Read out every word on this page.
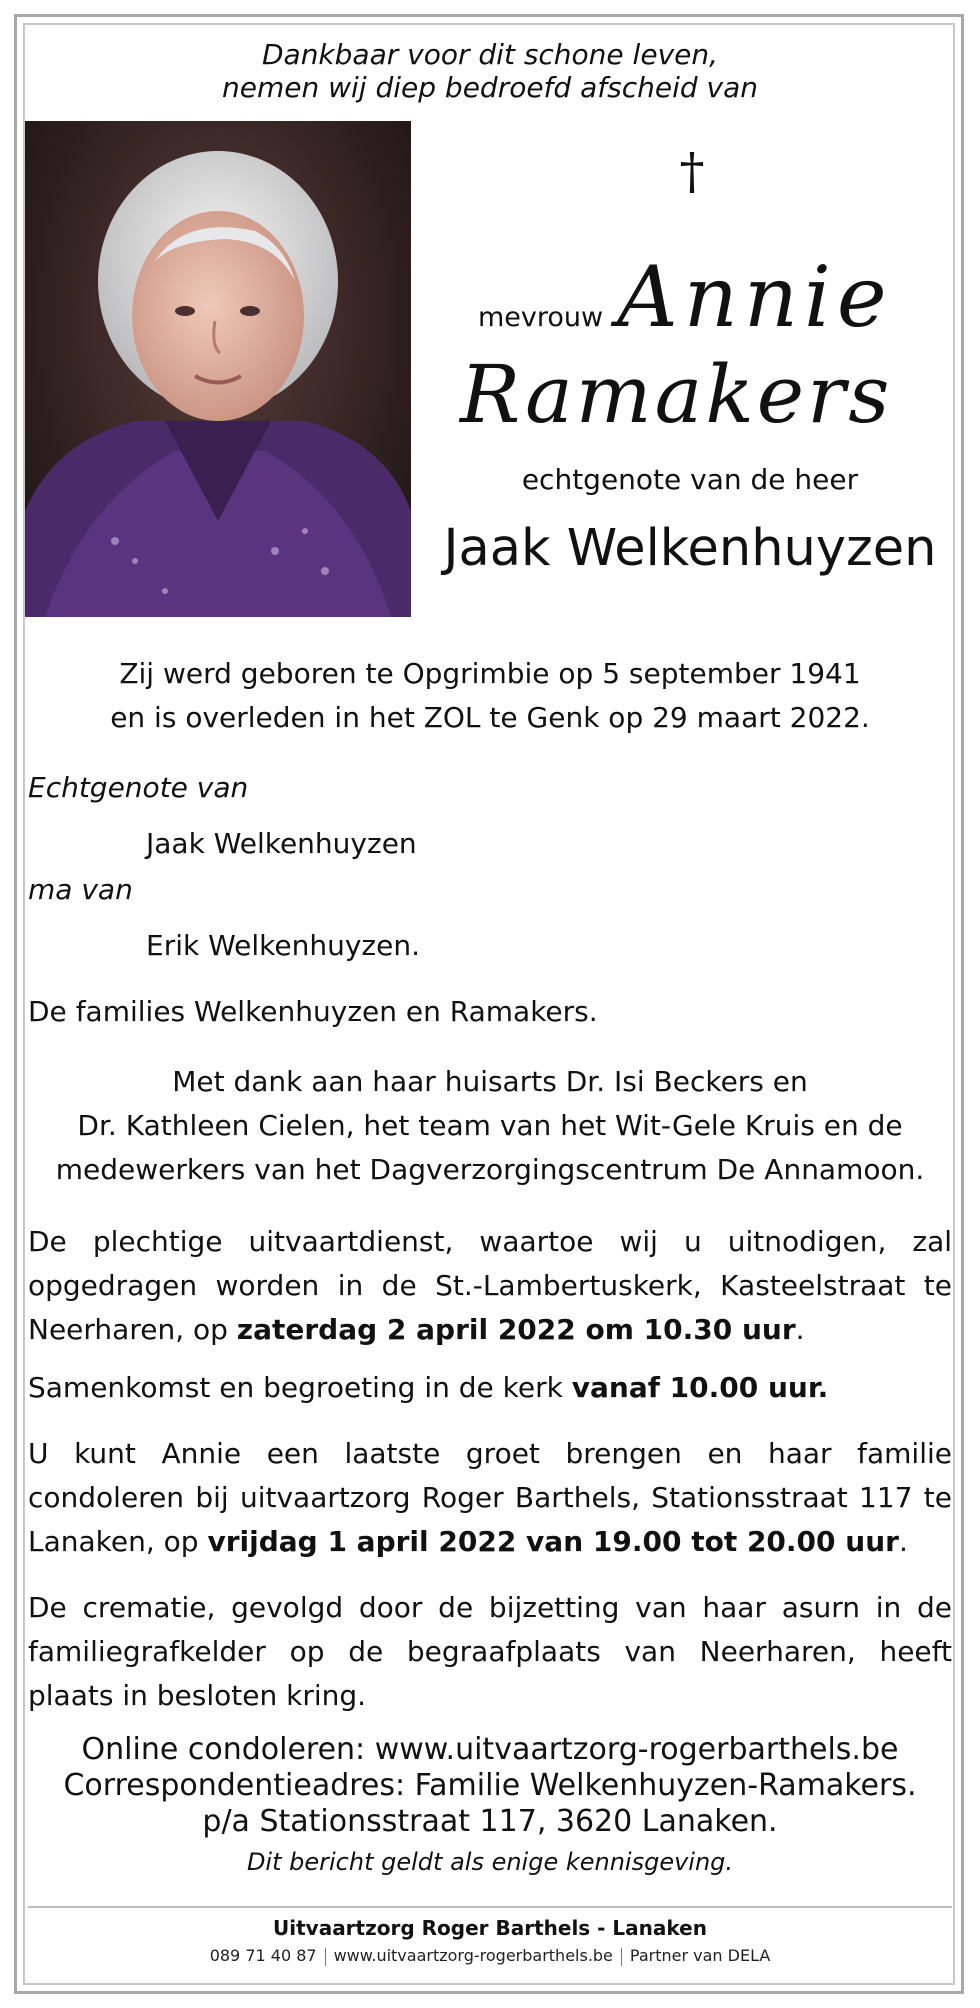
Dankbaar voor dit schone leven,
nemen wij diep bedroefd afscheid van
†
mevrouw Annie
Ramakers
echtgenote van de heer
Jaak Welkenhuyzen
Zij werd geboren te Opgrimbie op 5 september 1941
en is overleden in het ZOL te Genk op 29 maart 2022.
Echtgenote van
Jaak Welkenhuyzen
ma van
Erik Welkenhuyzen.
De families Welkenhuyzen en Ramakers.
Met dank aan haar huisarts Dr. Isi Beckers en
Dr. Kathleen Cielen, het team van het Wit-Gele Kruis en de
medewerkers van het Dagverzorgingscentrum De Annamoon.
De plechtige uitvaartdienst, waartoe wij u uitnodigen, zal opgedragen worden in de St.-Lambertuskerk, Kasteelstraat te Neerharen, op zaterdag 2 april 2022 om 10.30 uur.
Samenkomst en begroeting in de kerk vanaf 10.00 uur.
U kunt Annie een laatste groet brengen en haar familie condoleren bij uitvaartzorg Roger Barthels, Stationsstraat 117 te Lanaken, op vrijdag 1 april 2022 van 19.00 tot 20.00 uur.
De crematie, gevolgd door de bijzetting van haar asurn in de familiegrafkelder op de begraafplaats van Neerharen, heeft plaats in besloten kring.
Online condoleren: www.uitvaartzorg-rogerbarthels.be
Correspondentieadres: Familie Welkenhuyzen-Ramakers.
p/a Stationsstraat 117, 3620 Lanaken.
Dit bericht geldt als enige kennisgeving.
Uitvaartzorg Roger Barthels - Lanaken
089 71 40 87 www.uitvaartzorg-rogerbarthels.be Partner van DELA
